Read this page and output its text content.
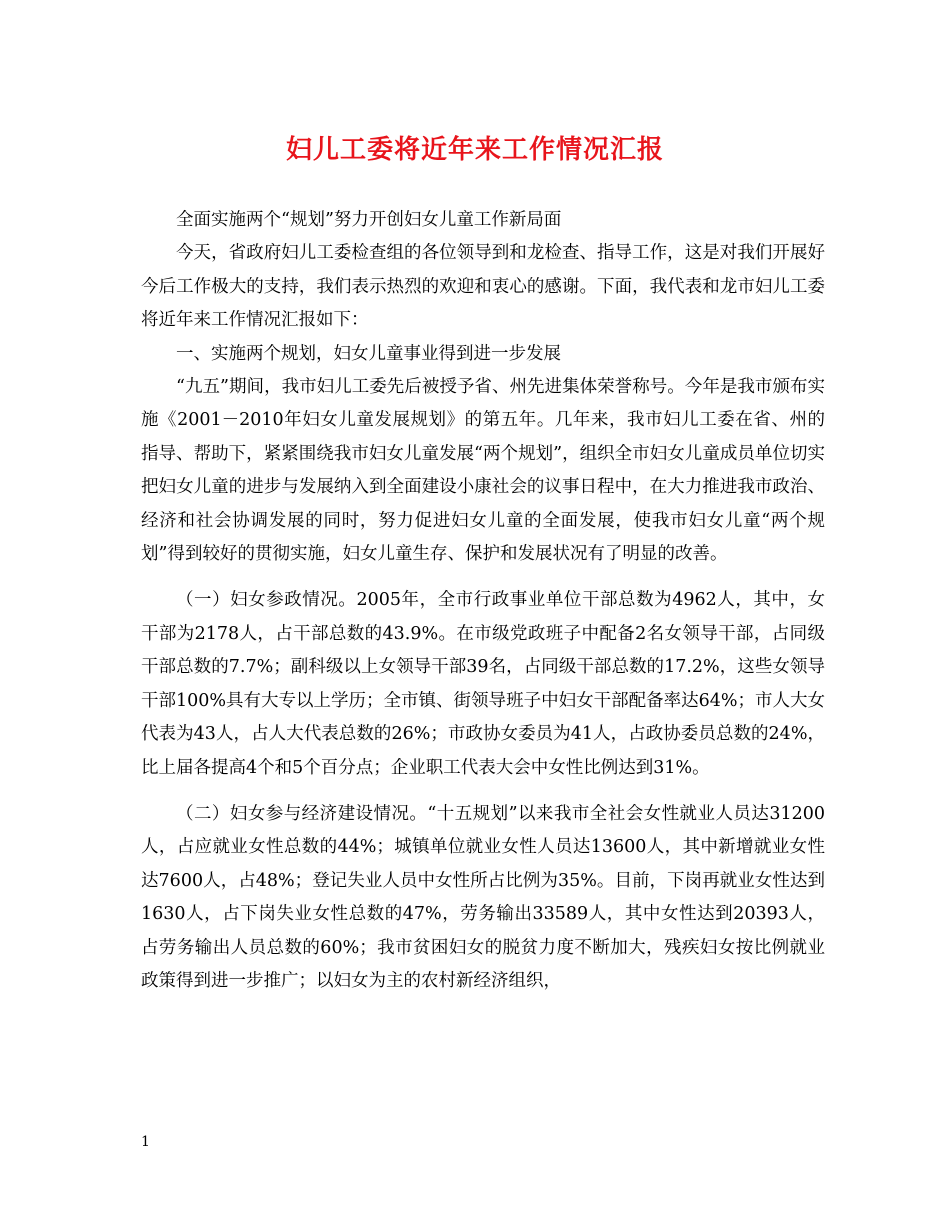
妇儿工委将近年来工作情况汇报

全面实施两个“规划”努力开创妇女儿童工作新局面

今天，省政府妇儿工委检查组的各位领导到和龙检查、指导工作，这是对我们开展好今后工作极大的支持，我们表示热烈的欢迎和衷心的感谢。下面，我代表和龙市妇儿工委将近年来工作情况汇报如下：

一、实施两个规划，妇女儿童事业得到进一步发展

“九五”期间，我市妇儿工委先后被授予省、州先进集体荣誉称号。今年是我市颁布实施《2001－2010年妇女儿童发展规划》的第五年。几年来，我市妇儿工委在省、州的指导、帮助下，紧紧围绕我市妇女儿童发展“两个规划”，组织全市妇女儿童成员单位切实把妇女儿童的进步与发展纳入到全面建设小康社会的议事日程中，在大力推进我市政治、经济和社会协调发展的同时，努力促进妇女儿童的全面发展，使我市妇女儿童“两个规划”得到较好的贯彻实施，妇女儿童生存、保护和发展状况有了明显的改善。

（一）妇女参政情况。2005年，全市行政事业单位干部总数为4962人，其中，女干部为2178人，占干部总数的43.9%。在市级党政班子中配备2名女领导干部，占同级干部总数的7.7%；副科级以上女领导干部39名，占同级干部总数的17.2%，这些女领导干部100%具有大专以上学历；全市镇、街领导班子中妇女干部配备率达64%；市人大女代表为43人，占人大代表总数的26%；市政协女委员为41人，占政协委员总数的24%，比上届各提高4个和5个百分点；企业职工代表大会中女性比例达到31%。

（二）妇女参与经济建设情况。“十五规划”以来我市全社会女性就业人员达31200人，占应就业女性总数的44%；城镇单位就业女性人员达13600人，其中新增就业女性达7600人，占48%；登记失业人员中女性所占比例为35%。目前，下岗再就业女性达到1630人，占下岗失业女性总数的47%，劳务输出33589人，其中女性达到20393人，占劳务输出人员总数的60%；我市贫困妇女的脱贫力度不断加大，残疾妇女按比例就业政策得到进一步推广；以妇女为主的农村新经济组织，

1
